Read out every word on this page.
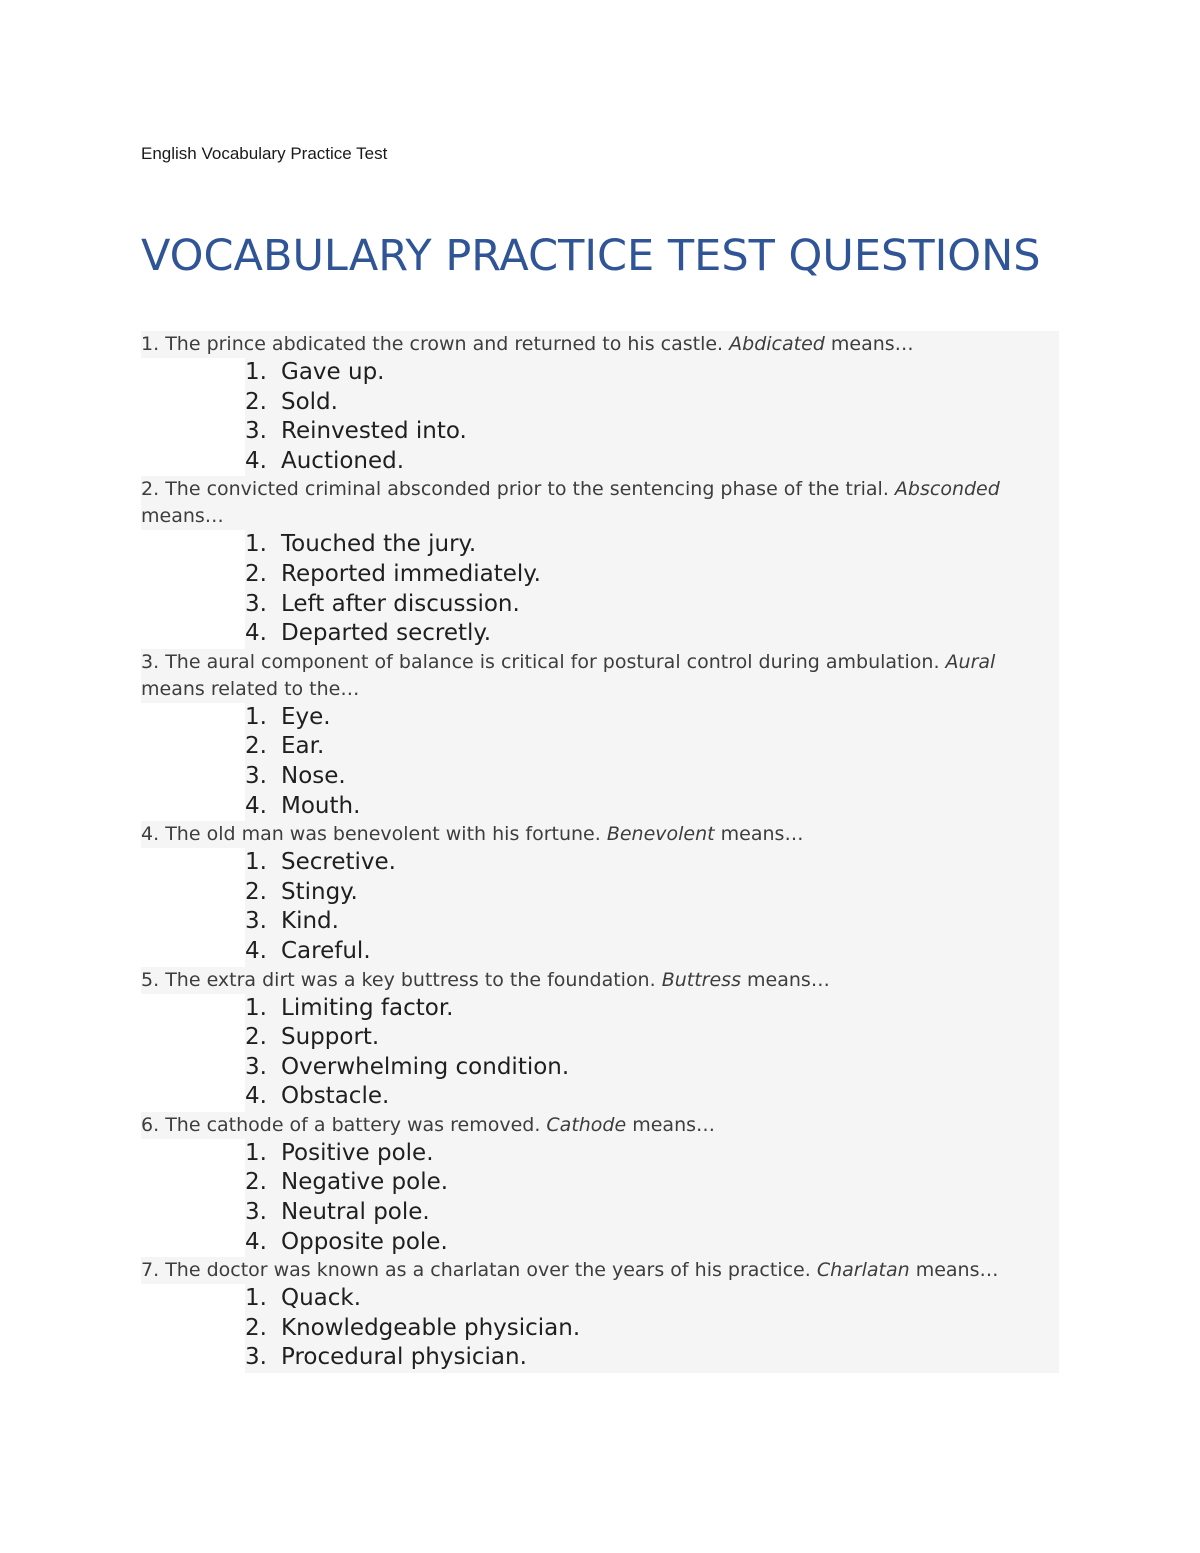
English Vocabulary Practice Test
VOCABULARY PRACTICE TEST QUESTIONS
1. The prince abdicated the crown and returned to his castle. Abdicated means…
1. Gave up.
2. Sold.
3. Reinvested into.
4. Auctioned.
2. The convicted criminal absconded prior to the sentencing phase of the trial. Absconded means…
1. Touched the jury.
2. Reported immediately.
3. Left after discussion.
4. Departed secretly.
3. The aural component of balance is critical for postural control during ambulation. Aural means related to the…
1. Eye.
2. Ear.
3. Nose.
4. Mouth.
4. The old man was benevolent with his fortune. Benevolent means…
1. Secretive.
2. Stingy.
3. Kind.
4. Careful.
5. The extra dirt was a key buttress to the foundation. Buttress means…
1. Limiting factor.
2. Support.
3. Overwhelming condition.
4. Obstacle.
6. The cathode of a battery was removed. Cathode means…
1. Positive pole.
2. Negative pole.
3. Neutral pole.
4. Opposite pole.
7. The doctor was known as a charlatan over the years of his practice. Charlatan means…
1. Quack.
2. Knowledgeable physician.
3. Procedural physician.
